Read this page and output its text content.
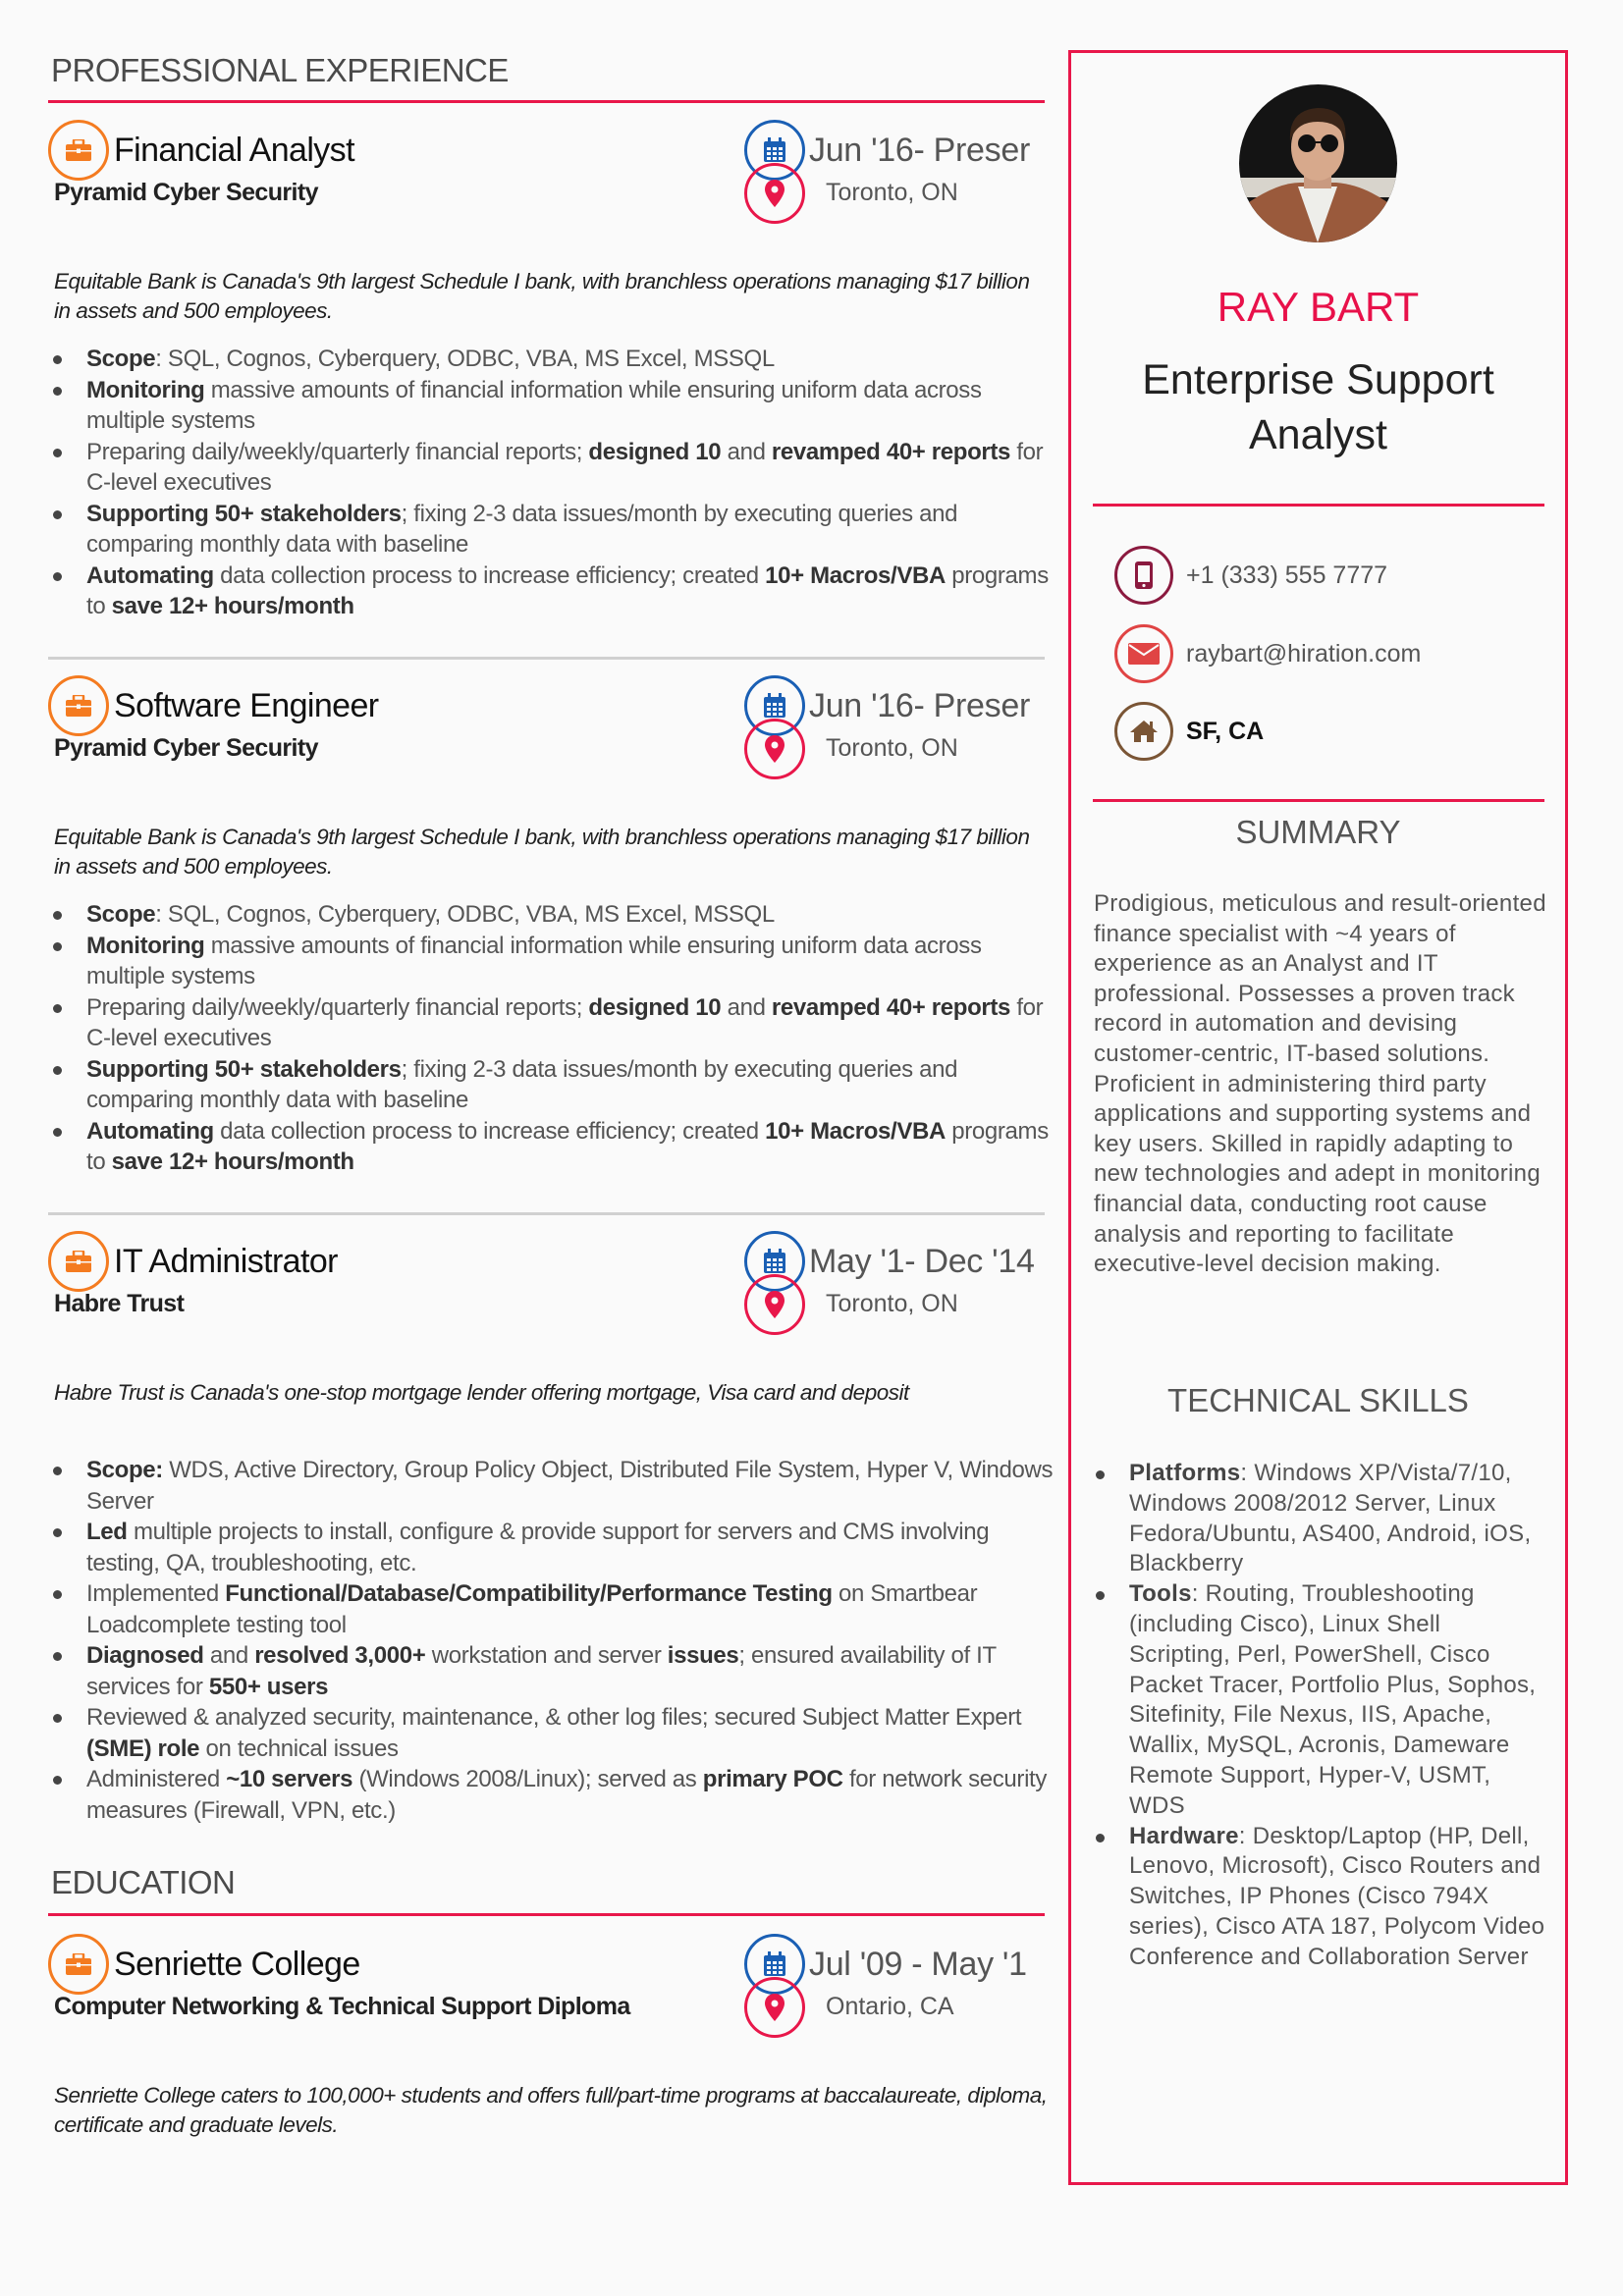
PROFESSIONAL EXPERIENCE
Financial Analyst	Jun '16- Preser
Pyramid Cyber Security	Toronto, ON
Equitable Bank is Canada's 9th largest Schedule I bank, with branchless operations managing $17 billion in assets and 500 employees.
Scope: SQL, Cognos, Cyberquery, ODBC, VBA, MS Excel, MSSQL
Monitoring massive amounts of financial information while ensuring uniform data across multiple systems
Preparing daily/weekly/quarterly financial reports; designed 10 and revamped 40+ reports for C-level executives
Supporting 50+ stakeholders; fixing 2-3 data issues/month by executing queries and comparing monthly data with baseline
Automating data collection process to increase efficiency; created 10+ Macros/VBA programs to save 12+ hours/month
Software Engineer	Jun '16- Preser
Pyramid Cyber Security	Toronto, ON
Equitable Bank is Canada's 9th largest Schedule I bank, with branchless operations managing $17 billion in assets and 500 employees.
Scope: SQL, Cognos, Cyberquery, ODBC, VBA, MS Excel, MSSQL
Monitoring massive amounts of financial information while ensuring uniform data across multiple systems
Preparing daily/weekly/quarterly financial reports; designed 10 and revamped 40+ reports for C-level executives
Supporting 50+ stakeholders; fixing 2-3 data issues/month by executing queries and comparing monthly data with baseline
Automating data collection process to increase efficiency; created 10+ Macros/VBA programs to save 12+ hours/month
IT Administrator	May '1- Dec '14
Habre Trust	Toronto, ON
Habre Trust is Canada's one-stop mortgage lender offering mortgage, Visa card and deposit
Scope: WDS, Active Directory, Group Policy Object, Distributed File System, Hyper V, Windows Server
Led multiple projects to install, configure & provide support for servers and CMS involving testing, QA, troubleshooting, etc.
Implemented Functional/Database/Compatibility/Performance Testing on Smartbear Loadcomplete testing tool
Diagnosed and resolved 3,000+ workstation and server issues; ensured availability of IT services for 550+ users
Reviewed & analyzed security, maintenance, & other log files; secured Subject Matter Expert (SME) role on technical issues
Administered ~10 servers (Windows 2008/Linux); served as primary POC for network security measures (Firewall, VPN, etc.)
EDUCATION
Senriette College	Jul '09 - May '1
Computer Networking & Technical Support Diploma	Ontario, CA
Senriette College caters to 100,000+ students and offers full/part-time programs at baccalaureate, diploma, certificate and graduate levels.
RAY BART
Enterprise Support Analyst
+1 (333) 555 7777
raybart@hiration.com
SF, CA
SUMMARY
Prodigious, meticulous and result-oriented finance specialist with ~4 years of experience as an Analyst and IT professional. Possesses a proven track record in automation and devising customer-centric, IT-based solutions. Proficient in administering third party applications and supporting systems and key users. Skilled in rapidly adapting to new technologies and adept in monitoring financial data, conducting root cause analysis and reporting to facilitate executive-level decision making.
TECHNICAL SKILLS
Platforms: Windows XP/Vista/7/10, Windows 2008/2012 Server, Linux Fedora/Ubuntu, AS400, Android, iOS, Blackberry
Tools: Routing, Troubleshooting (including Cisco), Linux Shell Scripting, Perl, PowerShell, Cisco Packet Tracer, Portfolio Plus, Sophos, Sitefinity, File Nexus, IIS, Apache, Wallix, MySQL, Acronis, Dameware Remote Support, Hyper-V, USMT, WDS
Hardware: Desktop/Laptop (HP, Dell, Lenovo, Microsoft), Cisco Routers and Switches, IP Phones (Cisco 794X series), Cisco ATA 187, Polycom Video Conference and Collaboration Server
